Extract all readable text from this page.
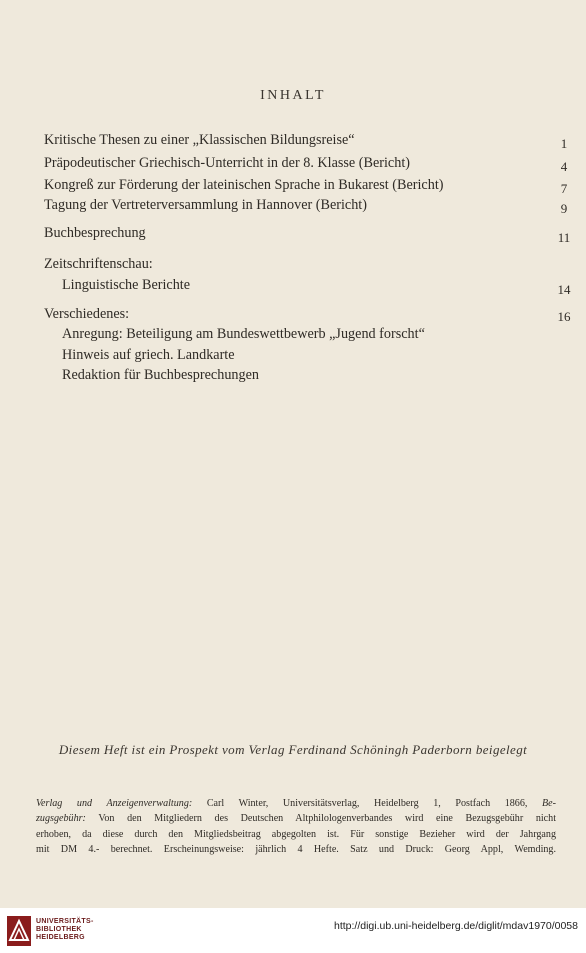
INHALT
Kritische Thesen zu einer „Klassischen Bildungsreise“	1
Präpodeutischer Griechisch-Unterricht in der 8. Klasse (Bericht)	4
Kongreß zur Förderung der lateinischen Sprache in Bukarest (Bericht)	7
Tagung der Vertreterversammlung in Hannover (Bericht)	9
Buchbesprechung	11
Zeitschriftenschau:
Linguistische Berichte	14
Verschiedenes:	16
Anregung: Beteiligung am Bundeswettbewerb „Jugend forscht“
Hinweis auf griech. Landkarte
Redaktion für Buchbesprechungen
Diesem Heft ist ein Prospekt vom Verlag Ferdinand Schöningh Paderborn beigelegt
Verlag und Anzeigenverwaltung: Carl Winter, Universitätsverlag, Heidelberg 1, Postfach 1866, Be-
zugsgebühr: Von den Mitgliedern des Deutschen Altphilologenverbandes wird eine Bezugsgebühr nicht
erhoben, da diese durch den Mitgliedsbeitrag abgegolten ist. Für sonstige Bezieher wird der Jahrgang
mit DM 4.- berechnet. Erscheinungsweise: jährlich 4 Hefte. Satz und Druck: Georg Appl, Wemding.
UNIVERSITÄTS-
BIBLIOTHEK
HEIDELBERG
http://digi.ub.uni-heidelberg.de/diglit/mdav1970/0058
